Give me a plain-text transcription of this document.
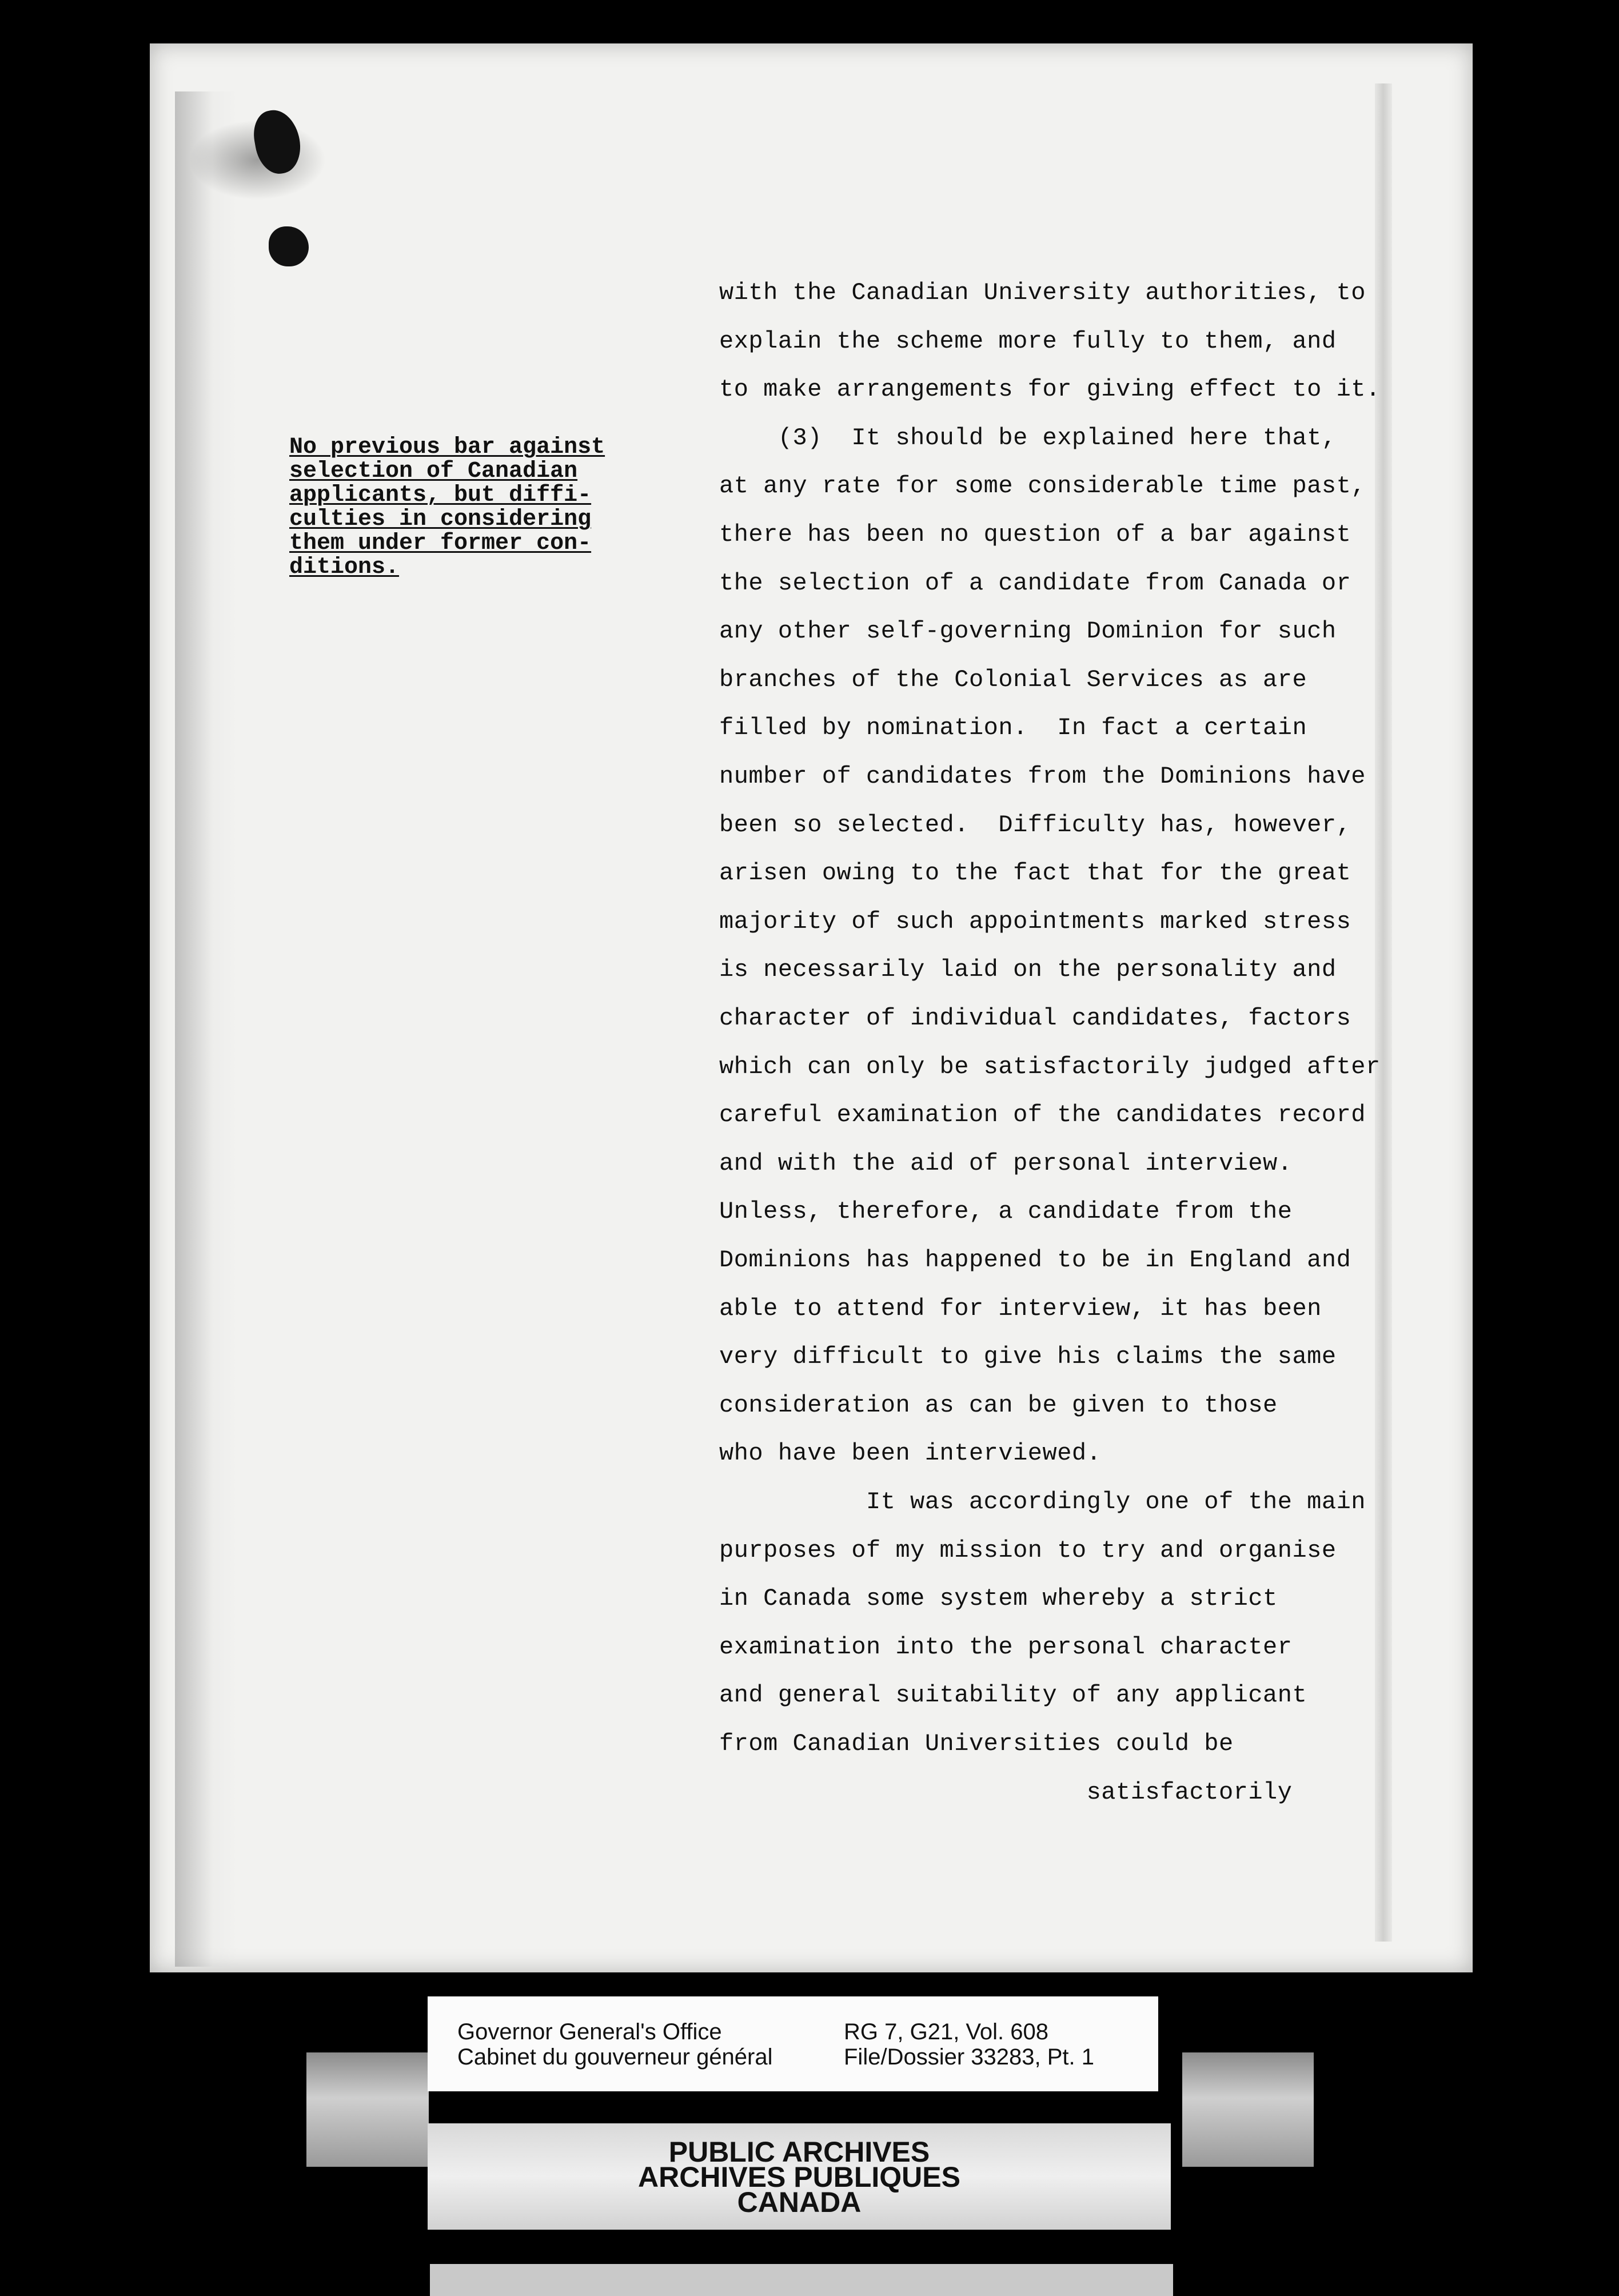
No previous bar against
selection of Canadian
applicants, but diffi-
culties in considering
them under former con-
ditions.
with the Canadian University authorities, to
explain the scheme more fully to them, and
to make arrangements for giving effect to it.
(3)  It should be explained here that,
at any rate for some considerable time past,
there has been no question of a bar against
the selection of a candidate from Canada or
any other self-governing Dominion for such
branches of the Colonial Services as are
filled by nomination.  In fact a certain
number of candidates from the Dominions have
been so selected.  Difficulty has, however,
arisen owing to the fact that for the great
majority of such appointments marked stress
is necessarily laid on the personality and
character of individual candidates, factors
which can only be satisfactorily judged after
careful examination of the candidates record
and with the aid of personal interview.
Unless, therefore, a candidate from the
Dominions has happened to be in England and
able to attend for interview, it has been
very difficult to give his claims the same
consideration as can be given to those
who have been interviewed.
It was accordingly one of the main
purposes of my mission to try and organise
in Canada some system whereby a strict
examination into the personal character
and general suitability of any applicant
from Canadian Universities could be
satisfactorily
Governor General's Office
Cabinet du gouverneur général
RG 7, G21, Vol. 608
File/Dossier 33283, Pt. 1
PUBLIC ARCHIVES
ARCHIVES PUBLIQUES
CANADA
